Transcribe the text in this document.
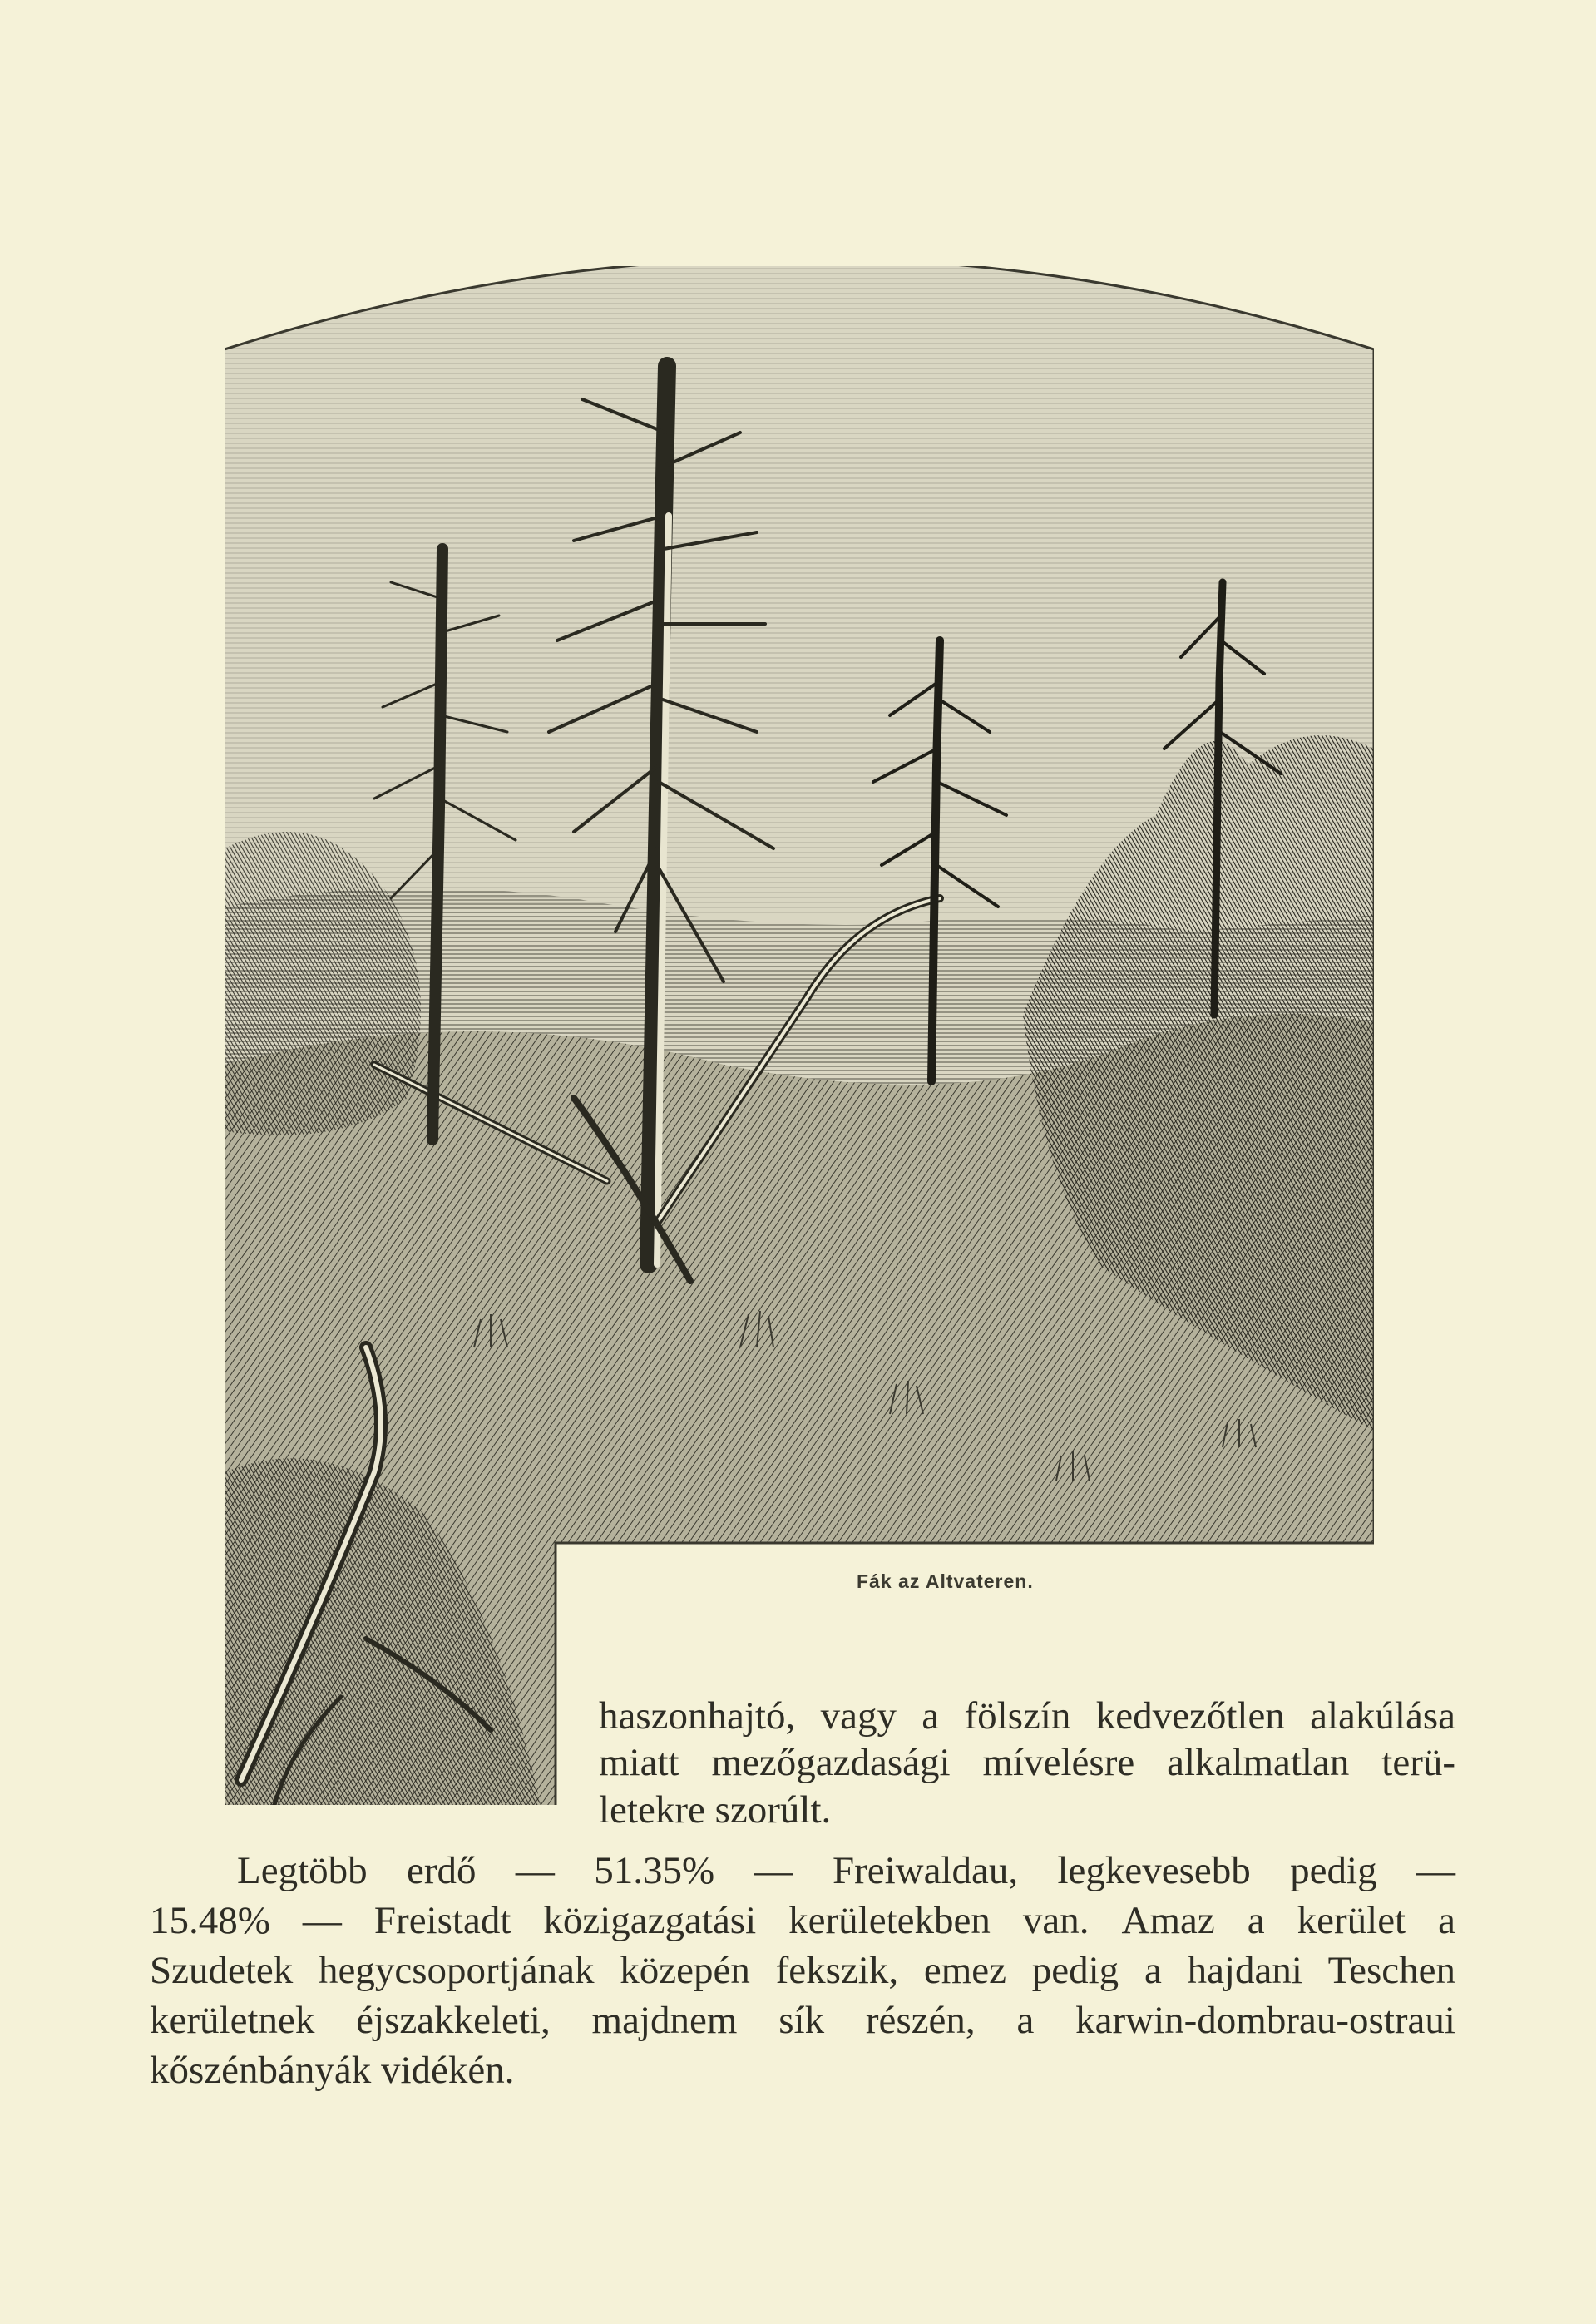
Fák az Altvateren.
haszonhajtó, vagy a fölszín kedvezőtlen alakúlása
miatt mezőgazdasági mívelésre alkalmatlan terü-
letekre szorúlt.
Legtöbb erdő — 51.35% — Freiwaldau, legkevesebb pedig —
15.48% — Freistadt közigazgatási kerületekben van. Amaz a kerület a
Szudetek hegycsoportjának közepén fekszik, emez pedig a hajdani Teschen
kerületnek éjszakkeleti, majdnem sík részén, a karwin-dombrau-ostraui
kőszénbányák vidékén.
